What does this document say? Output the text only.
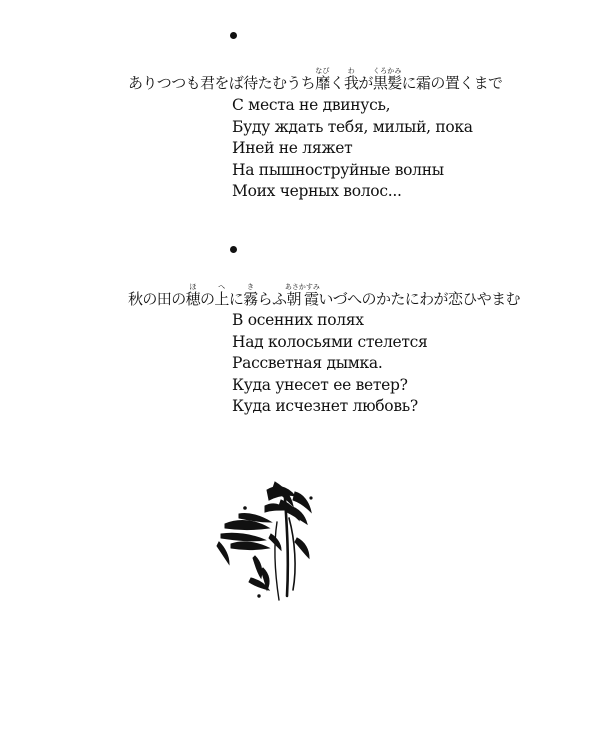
ありつつも君をば待たむうち靡なびく我がわ黒髪くろかみに霜の置くまで
С места не двинусь,
Буду ждать тебя, милый, пока
Иней не ляжет
На пышноструйные волны
Моих черных волос...
秋の田の穂ほの上へに霧きらふ朝霞あさかすみいづへのかたにわが恋ひやまむ
В осенних полях
Над колосьями стелется
Рассветная дымка.
Куда унесет ее ветер?
Куда исчезнет любовь?
